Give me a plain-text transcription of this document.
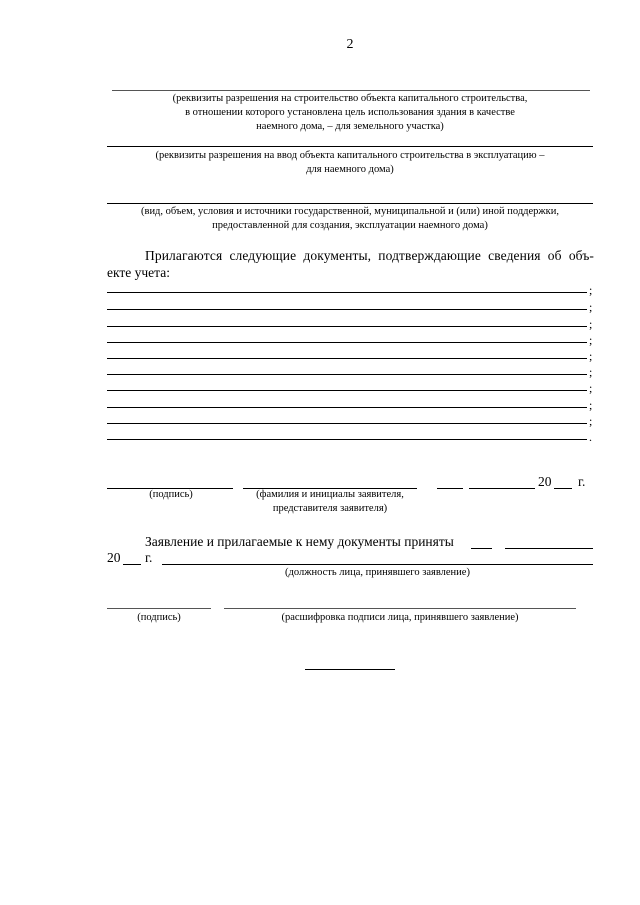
2
(реквизиты разрешения на строительство объекта капитального строительства,
в отношении которого установлена цель использования здания в качестве
наемного дома, – для земельного участка)
(реквизиты разрешения на ввод объекта капитального строительства в эксплуатацию –
для наемного дома)
(вид, объем, условия и источники государственной, муниципальной и (или) иной поддержки,
предоставленной для создания, эксплуатации наемного дома)
Прилагаются следующие документы, подтверждающие сведения об объ-
екте учета:
;
;
;
;
;
;
;
;
;
.
20 г.
(подпись)	(фамилия и инициалы заявителя,
представителя заявителя)
Заявление и прилагаемые к нему документы приняты
20 г.
(должность лица, принявшего заявление)
(подпись)	(расшифровка подписи лица, принявшего заявление)
